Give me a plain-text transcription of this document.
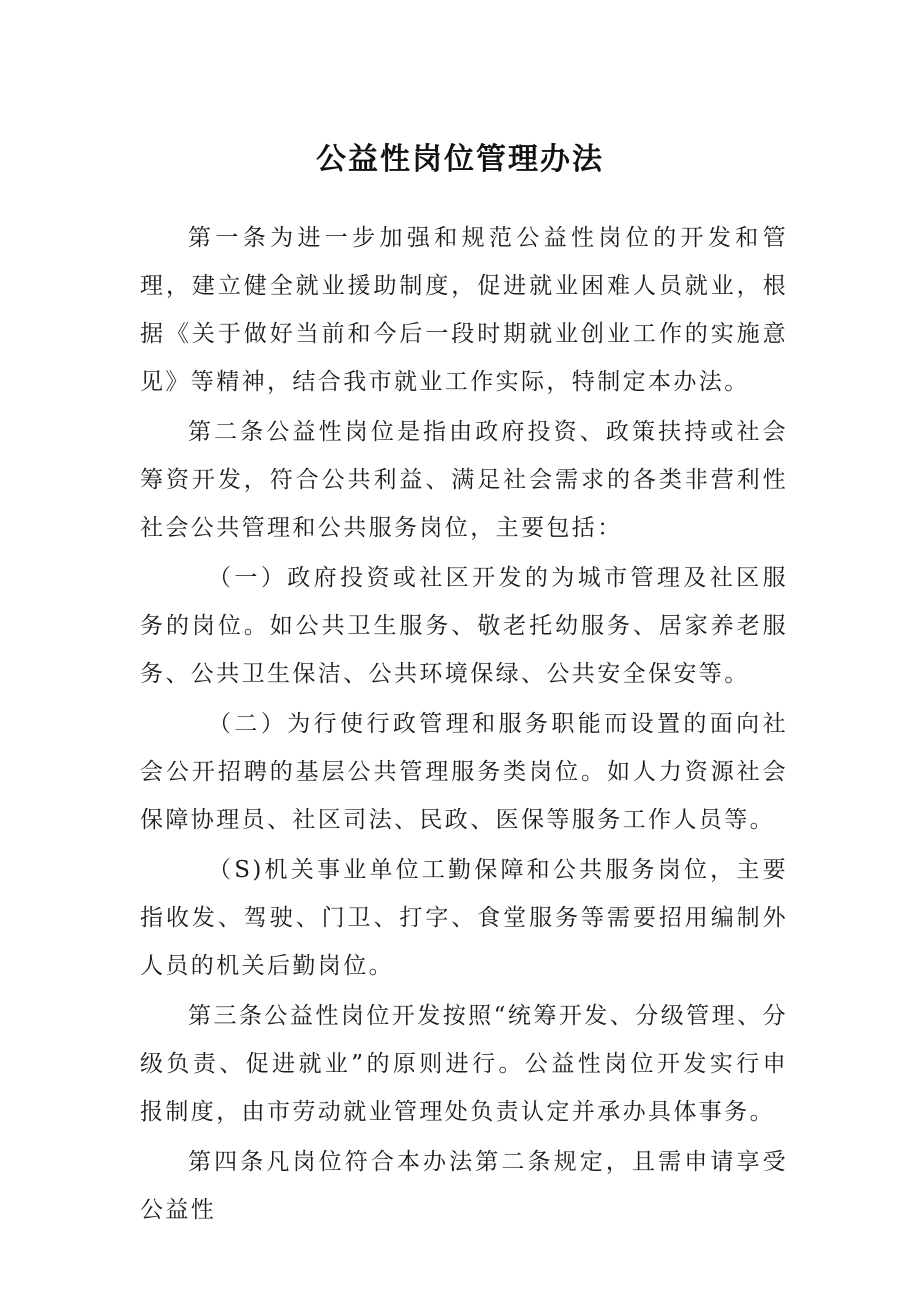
公益性岗位管理办法

第一条为进一步加强和规范公益性岗位的开发和管理，建立健全就业援助制度，促进就业困难人员就业，根据《关于做好当前和今后一段时期就业创业工作的实施意见》等精神，结合我市就业工作实际，特制定本办法。

第二条公益性岗位是指由政府投资、政策扶持或社会筹资开发，符合公共利益、满足社会需求的各类非营利性社会公共管理和公共服务岗位，主要包括：

（一）政府投资或社区开发的为城市管理及社区服务的岗位。如公共卫生服务、敬老托幼服务、居家养老服务、公共卫生保洁、公共环境保绿、公共安全保安等。

（二）为行使行政管理和服务职能而设置的面向社会公开招聘的基层公共管理服务类岗位。如人力资源社会保障协理员、社区司法、民政、医保等服务工作人员等。

（S)机关事业单位工勤保障和公共服务岗位，主要指收发、驾驶、门卫、打字、食堂服务等需要招用编制外人员的机关后勤岗位。

第三条公益性岗位开发按照“统筹开发、分级管理、分级负责、促进就业”的原则进行。公益性岗位开发实行申报制度，由市劳动就业管理处负责认定并承办具体事务。

第四条凡岗位符合本办法第二条规定，且需申请享受公益性
